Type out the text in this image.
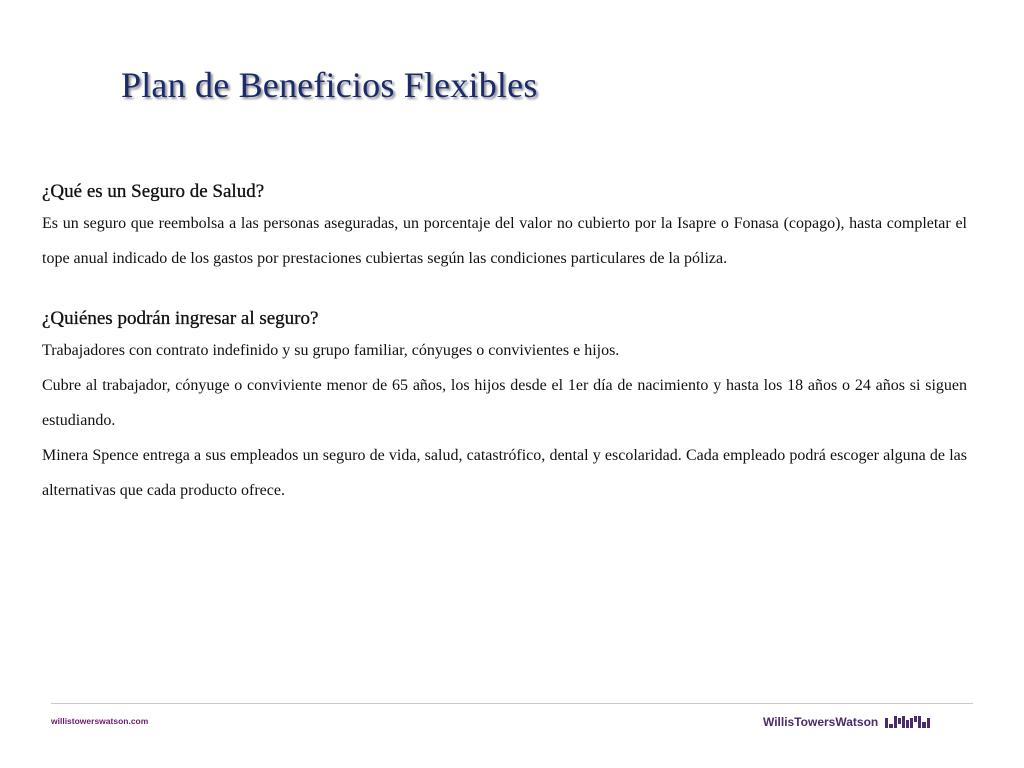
Plan de Beneficios Flexibles
¿Qué es un Seguro de Salud?

Es un seguro que reembolsa a las personas aseguradas, un porcentaje del valor no cubierto por la Isapre o Fonasa (copago), hasta completar el tope anual indicado de los gastos por prestaciones cubiertas según las condiciones particulares de la póliza.

¿Quiénes podrán ingresar al seguro?

Trabajadores con contrato indefinido y su grupo familiar, cónyuges o convivientes e hijos.

Cubre al trabajador, cónyuge o conviviente menor de 65 años, los hijos desde el 1er día de nacimiento y hasta los 18 años o 24 años si siguen estudiando.

Minera Spence entrega a sus empleados un seguro de vida, salud, catastrófico, dental y escolaridad. Cada empleado podrá escoger alguna de las alternativas que cada producto ofrece.

willistowerswatson.com	WillisTowersWatson
